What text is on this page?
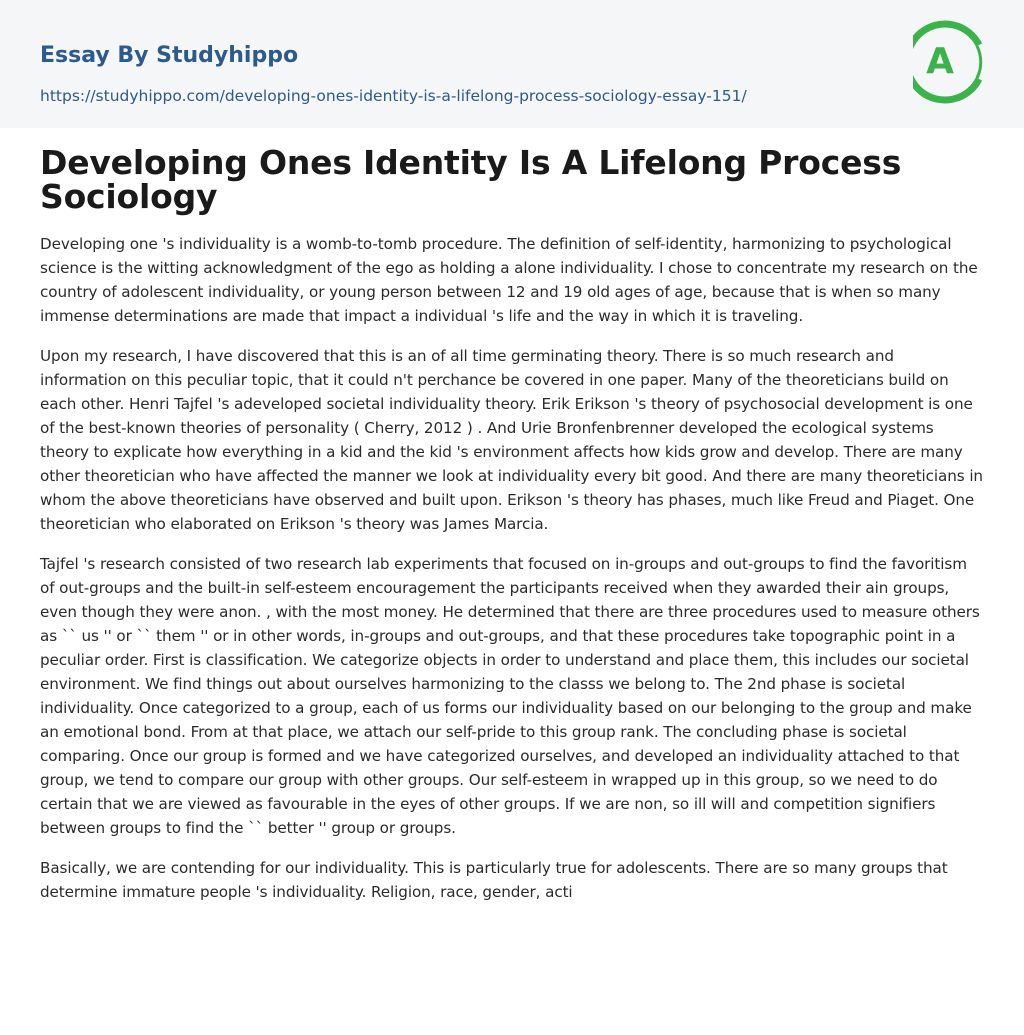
Essay By Studyhippo
https://studyhippo.com/developing-ones-identity-is-a-lifelong-process-sociology-essay-151/
A
Developing Ones Identity Is A Lifelong Process Sociology

Developing one 's individuality is a womb-to-tomb procedure. The definition of self-identity, harmonizing to psychological science is the witting acknowledgment of the ego as holding a alone individuality. I chose to concentrate my research on the country of adolescent individuality, or young person between 12 and 19 old ages of age, because that is when so many immense determinations are made that impact a individual 's life and the way in which it is traveling.

Upon my research, I have discovered that this is an of all time germinating theory. There is so much research and information on this peculiar topic, that it could n't perchance be covered in one paper. Many of the theoreticians build on each other. Henri Tajfel 's adeveloped societal individuality theory. Erik Erikson 's theory of psychosocial development is one of the best-known theories of personality ( Cherry, 2012 ) . And Urie Bronfenbrenner developed the ecological systems theory to explicate how everything in a kid and the kid 's environment affects how kids grow and develop. There are many other theoretician who have affected the manner we look at individuality every bit good. And there are many theoreticians in whom the above theoreticians have observed and built upon. Erikson 's theory has phases, much like Freud and Piaget. One theoretician who elaborated on Erikson 's theory was James Marcia.

Tajfel 's research consisted of two research lab experiments that focused on in-groups and out-groups to find the favoritism of out-groups and the built-in self-esteem encouragement the participants received when they awarded their ain groups, even though they were anon. , with the most money. He determined that there are three procedures used to measure others as `` us '' or `` them '' or in other words, in-groups and out-groups, and that these procedures take topographic point in a peculiar order. First is classification. We categorize objects in order to understand and place them, this includes our societal environment. We find things out about ourselves harmonizing to the classs we belong to. The 2nd phase is societal individuality. Once categorized to a group, each of us forms our individuality based on our belonging to the group and make an emotional bond. From at that place, we attach our self-pride to this group rank. The concluding phase is societal comparing. Once our group is formed and we have categorized ourselves, and developed an individuality attached to that group, we tend to compare our group with other groups. Our self-esteem in wrapped up in this group, so we need to do certain that we are viewed as favourable in the eyes of other groups. If we are non, so ill will and competition signifiers between groups to find the `` better '' group or groups.

Basically, we are contending for our individuality. This is particularly true for adolescents. There are so many groups that determine immature people 's individuality. Religion, race, gender, acti
